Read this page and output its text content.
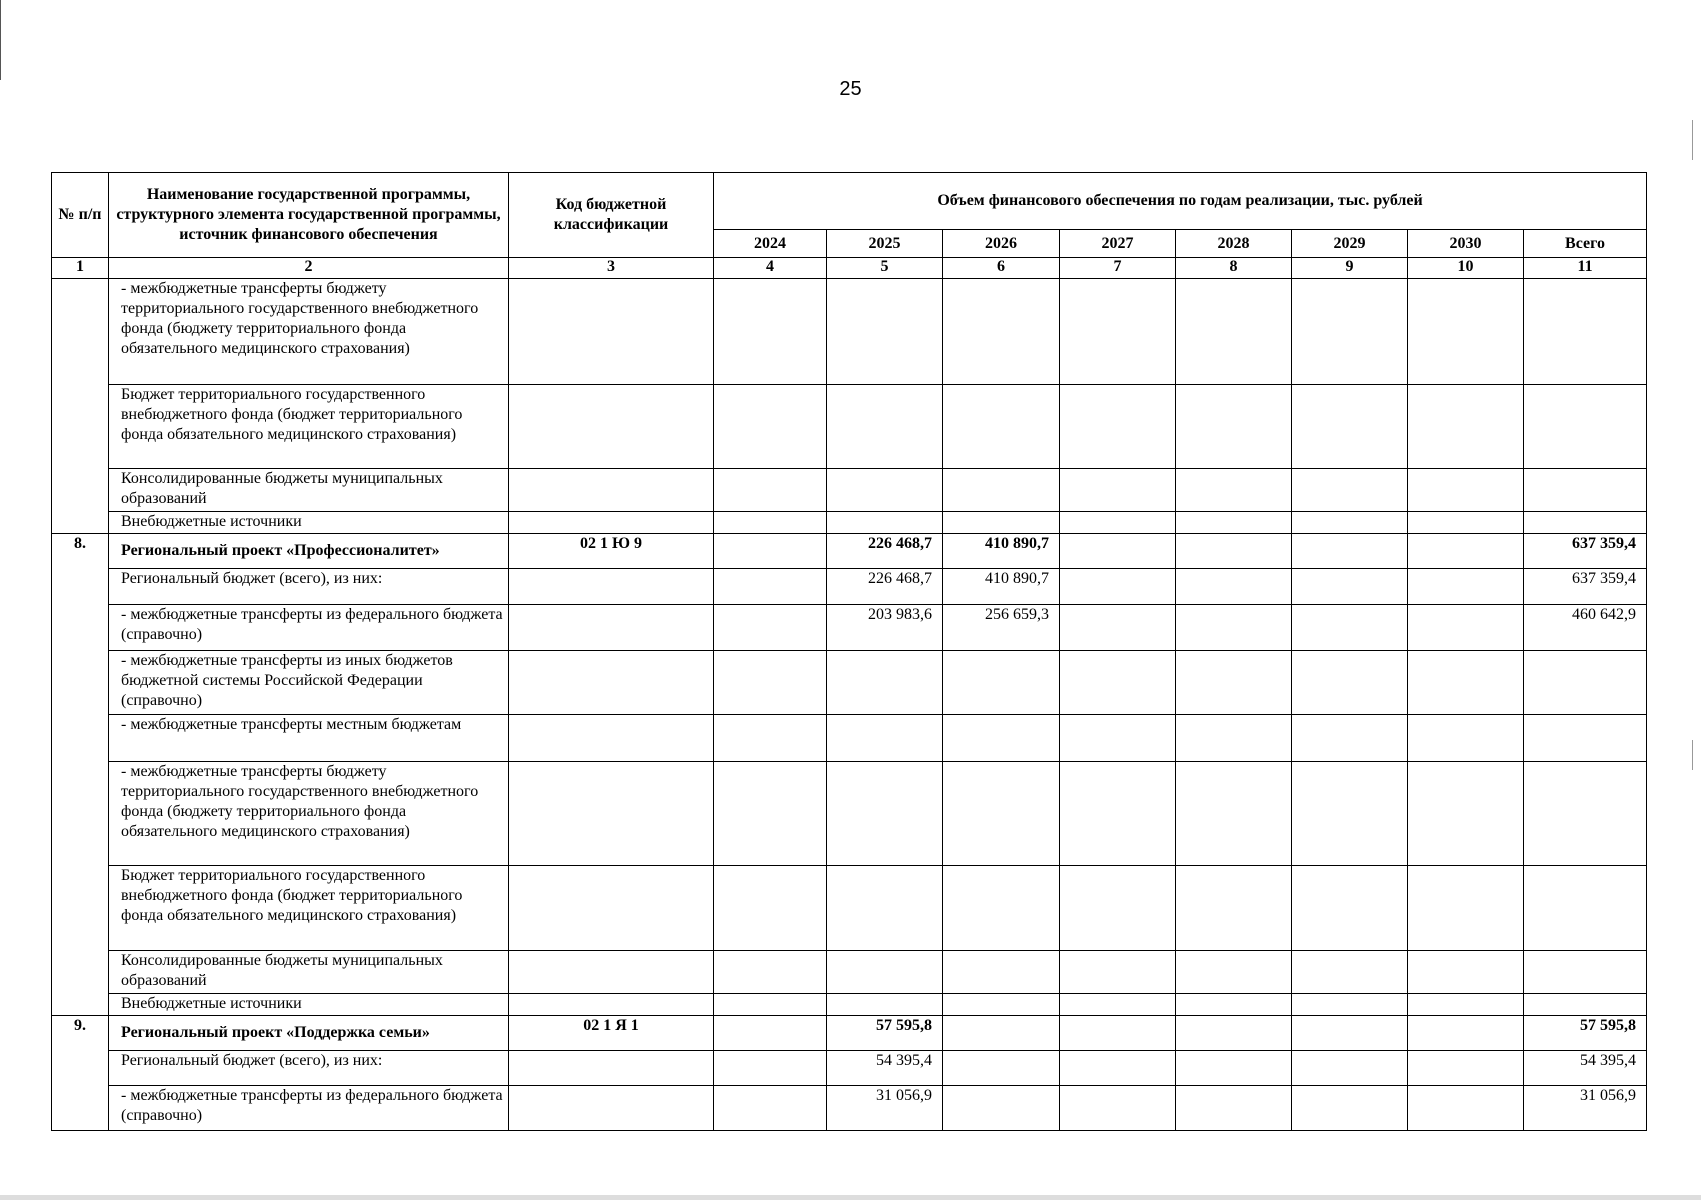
25
№ п/п	Наименование государственной программы, структурного элемента государственной программы, источник финансового обеспечения	Код бюджетной классификации	Объем финансового обеспечения по годам реализации, тыс. рублей							
			2024	2025	2026	2027	2028	2029	2030	Всего
1	2	3	4	5	6	7	8	9	10	11
	- межбюджетные трансферты бюджету территориального государственного внебюджетного фонда (бюджету территориального фонда обязательного медицинского страхования)									
	Бюджет территориального государственного внебюджетного фонда (бюджет территориального фонда обязательного медицинского страхования)									
	Консолидированные бюджеты муниципальных образований									
	Внебюджетные источники									
8.	Региональный проект «Профессионалитет»	02 1 Ю 9		226 468,7	410 890,7					637 359,4
	Региональный бюджет (всего), из них:			226 468,7	410 890,7					637 359,4
	- межбюджетные трансферты из федерального бюджета (справочно)			203 983,6	256 659,3					460 642,9
	- межбюджетные трансферты из иных бюджетов бюджетной системы Российской Федерации (справочно)									
	- межбюджетные трансферты местным бюджетам									
	- межбюджетные трансферты бюджету территориального государственного внебюджетного фонда (бюджету территориального фонда обязательного медицинского страхования)									
	Бюджет территориального государственного внебюджетного фонда (бюджет территориального фонда обязательного медицинского страхования)									
	Консолидированные бюджеты муниципальных образований									
	Внебюджетные источники									
9.	Региональный проект «Поддержка семьи»	02 1 Я 1		57 595,8						57 595,8
	Региональный бюджет (всего), из них:			54 395,4						54 395,4
	- межбюджетные трансферты из федерального бюджета (справочно)			31 056,9						31 056,9
